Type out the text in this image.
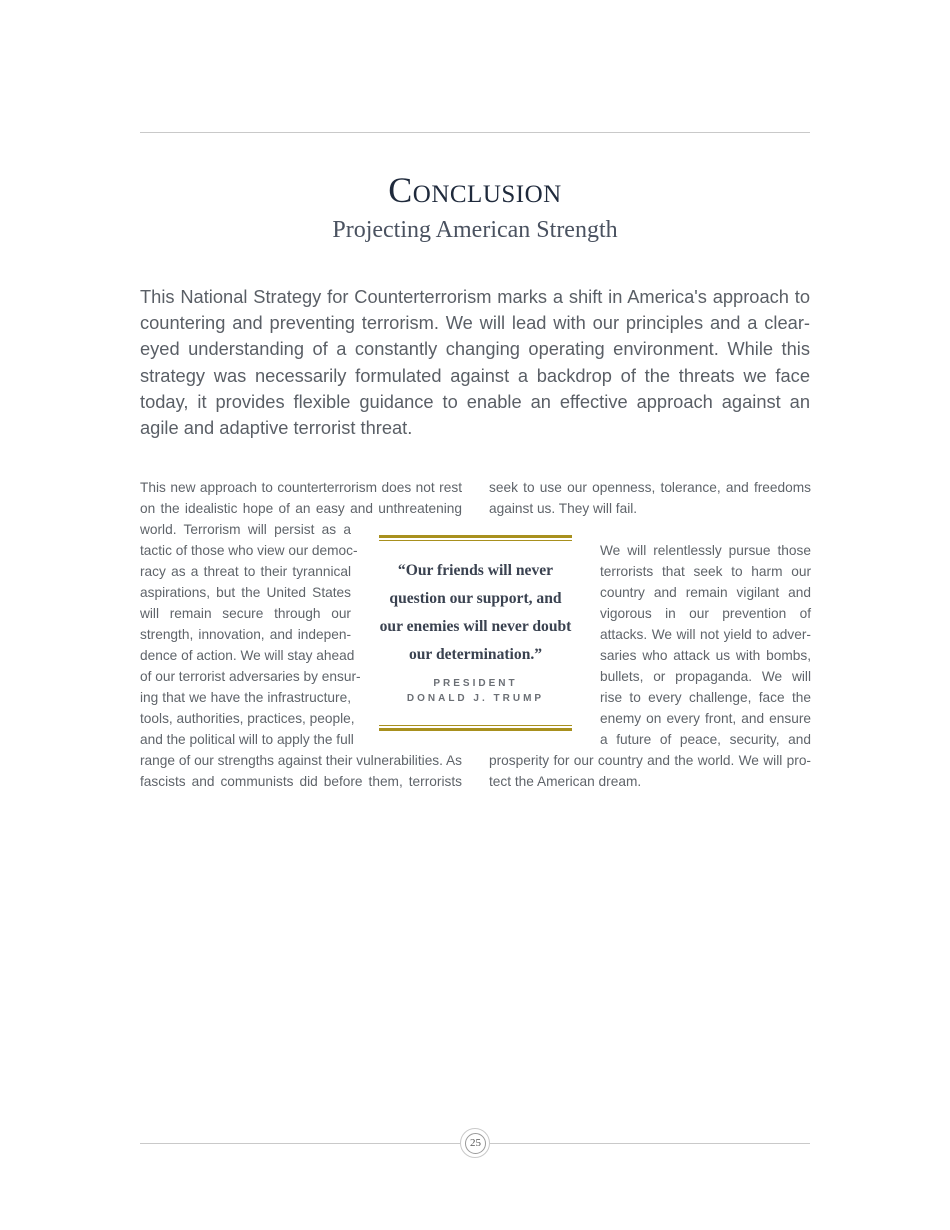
Conclusion
Projecting American Strength

This National Strategy for Counterterrorism marks a shift in America's approach to countering and preventing terrorism. We will lead with our principles and a clear-eyed understanding of a constantly changing operating environment. While this strategy was necessarily formulated against a backdrop of the threats we face today, it provides flexible guidance to enable an effective approach against an agile and adaptive terrorist threat.

This new approach to counterterrorism does not rest
on the idealistic hope of an easy and unthreatening
world. Terrorism will persist as a
tactic of those who view our democ-
racy as a threat to their tyrannical
aspirations, but the United States
will remain secure through our
strength, innovation, and indepen-
dence of action. We will stay ahead
of our terrorist adversaries by ensur-
ing that we have the infrastructure,
tools, authorities, practices, people,
and the political will to apply the full
range of our strengths against their vulnerabilities. As
fascists and communists did before them, terrorists
seek to use our openness, tolerance, and freedoms
against us. They will fail.
We will relentlessly pursue those
terrorists that seek to harm our
country and remain vigilant and
vigorous in our prevention of
attacks. We will not yield to adver-
saries who attack us with bombs,
bullets, or propaganda. We will
rise to every challenge, face the
enemy on every front, and ensure
a future of peace, security, and
prosperity for our country and the world. We will pro-
tect the American dream.
“Our friends will never question our support, and our enemies will never doubt our determination.”
PRESIDENT
DONALD J. TRUMP
25
